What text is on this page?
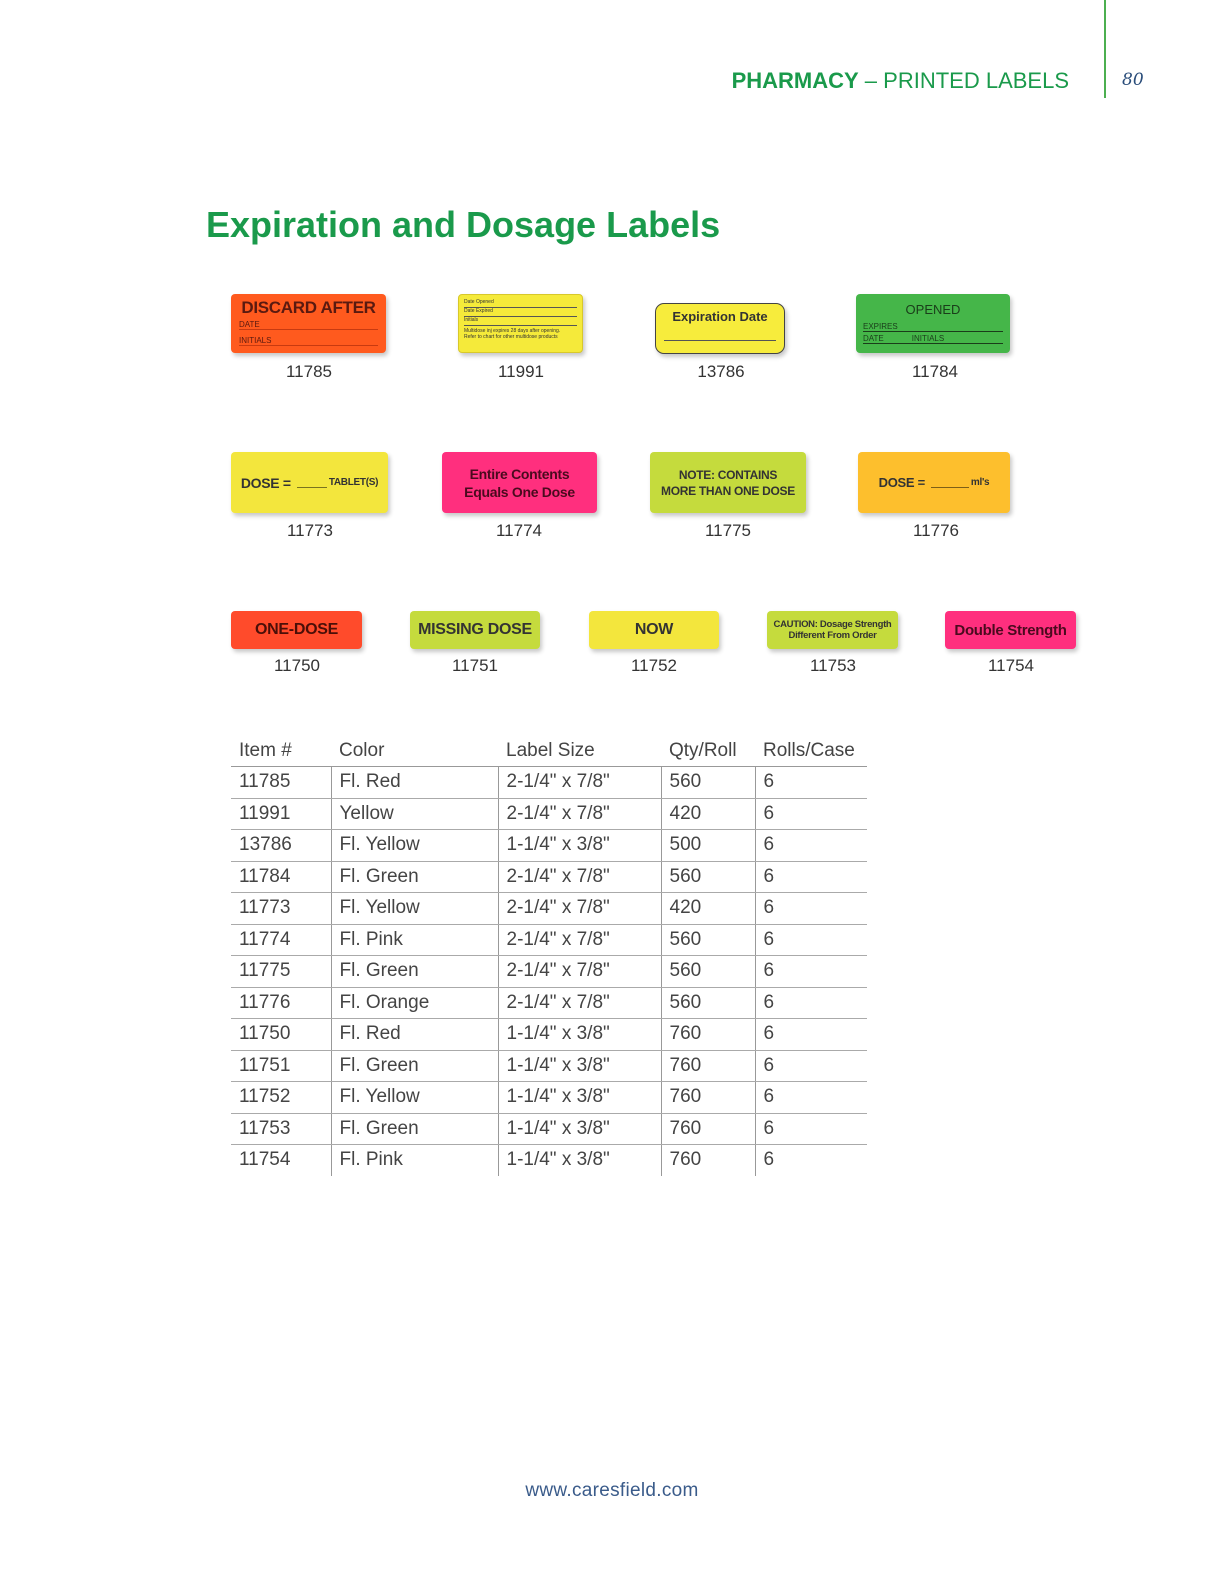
PHARMACY – PRINTED LABELS	80
Expiration and Dosage Labels
DISCARD AFTER
DATE
INITIALS
11785
Date Opened
Date Expired
Initials
Multidose inj expires 28 days after opening.
Refer to chart for other multidose products
11991
Expiration Date
13786
OPENED
EXPIRES
DATE	INITIALS
11784
DOSE =	TABLET(S)
11773
Entire Contents
Equals One Dose
11774
NOTE: CONTAINS
MORE THAN ONE DOSE
11775
DOSE =	ml's
11776
ONE-DOSE
11750
MISSING DOSE
11751
NOW
11752
CAUTION: Dosage Strength
Different From Order
11753
Double Strength
11754
Item #	Color	Label Size	Qty/Roll	Rolls/Case
11785	Fl. Red	2-1/4" x 7/8"	560	6
11991	Yellow	2-1/4" x 7/8"	420	6
13786	Fl. Yellow	1-1/4" x 3/8"	500	6
11784	Fl. Green	2-1/4" x 7/8"	560	6
11773	Fl. Yellow	2-1/4" x 7/8"	420	6
11774	Fl. Pink	2-1/4" x 7/8"	560	6
11775	Fl. Green	2-1/4" x 7/8"	560	6
11776	Fl. Orange	2-1/4" x 7/8"	560	6
11750	Fl. Red	1-1/4" x 3/8"	760	6
11751	Fl. Green	1-1/4" x 3/8"	760	6
11752	Fl. Yellow	1-1/4" x 3/8"	760	6
11753	Fl. Green	1-1/4" x 3/8"	760	6
11754	Fl. Pink	1-1/4" x 3/8"	760	6
www.caresfield.com
